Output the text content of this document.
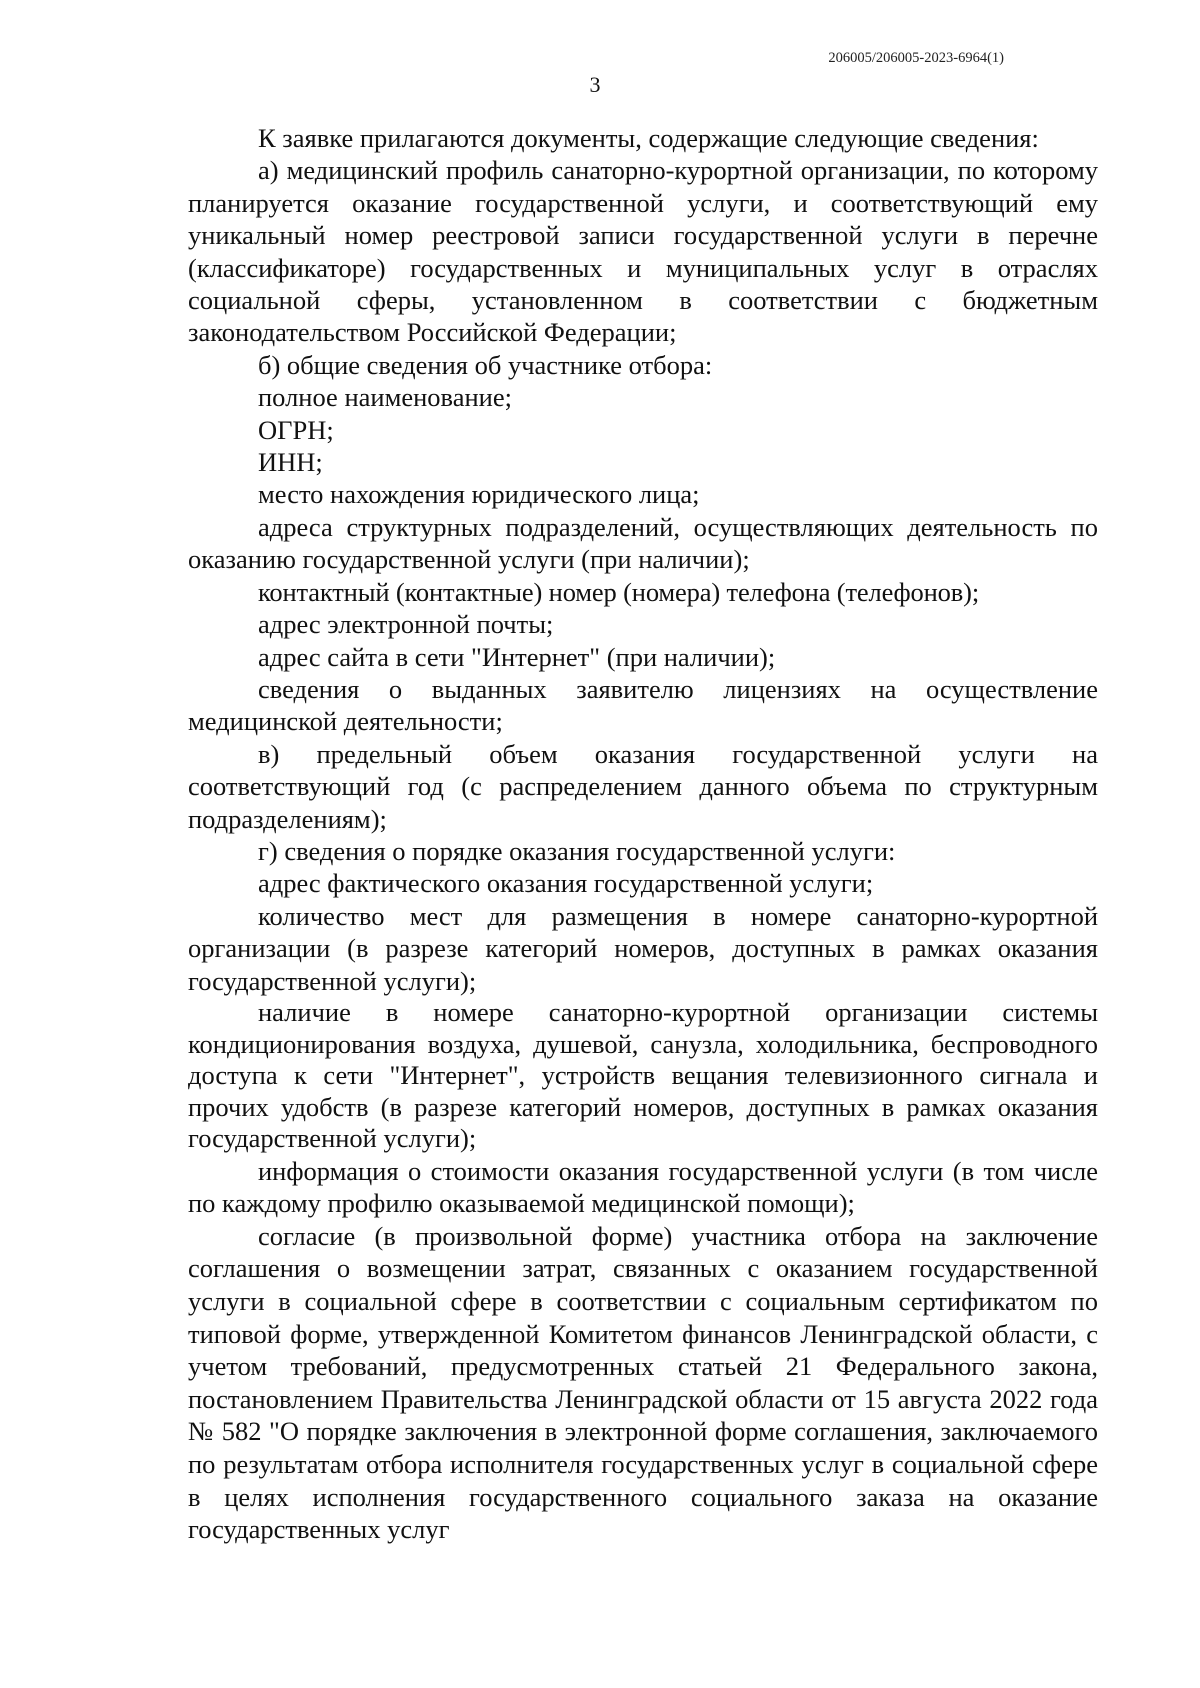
206005/206005-2023-6964(1)
3

К заявке прилагаются документы, содержащие следующие сведения:

а) медицинский профиль санаторно-курортной организации, по которому планируется оказание государственной услуги, и соответствующий ему уникальный номер реестровой записи государственной услуги в перечне (классификаторе) государственных и муниципальных услуг в отраслях социальной сферы, установленном в соответствии с бюджетным законодательством Российской Федерации;

б) общие сведения об участнике отбора:

полное наименование;

ОГРН;

ИНН;

место нахождения юридического лица;

адреса структурных подразделений, осуществляющих деятельность по оказанию государственной услуги (при наличии);

контактный (контактные) номер (номера) телефона (телефонов);

адрес электронной почты;

адрес сайта в сети "Интернет" (при наличии);

сведения о выданных заявителю лицензиях на осуществление медицинской деятельности;

в) предельный объем оказания государственной услуги на соответствующий год (с распределением данного объема по структурным подразделениям);

г) сведения о порядке оказания государственной услуги:

адрес фактического оказания государственной услуги;

количество мест для размещения в номере санаторно-курортной организации (в разрезе категорий номеров, доступных в рамках оказания государственной услуги);

наличие в номере санаторно-курортной организации системы кондиционирования воздуха, душевой, санузла, холодильника, беспроводного доступа к сети "Интернет", устройств вещания телевизионного сигнала и прочих удобств (в разрезе категорий номеров, доступных в рамках оказания государственной услуги);

информация о стоимости оказания государственной услуги (в том числе по каждому профилю оказываемой медицинской помощи);

согласие (в произвольной форме) участника отбора на заключение соглашения о возмещении затрат, связанных с оказанием государственной услуги в социальной сфере в соответствии с социальным сертификатом по типовой форме, утвержденной Комитетом финансов Ленинградской области, с учетом требований, предусмотренных статьей 21 Федерального закона, постановлением Правительства Ленинградской области от 15 августа 2022 года № 582 "О порядке заключения в электронной форме соглашения, заключаемого по результатам отбора исполнителя государственных услуг в социальной сфере в целях исполнения государственного социального заказа на оказание государственных услуг
